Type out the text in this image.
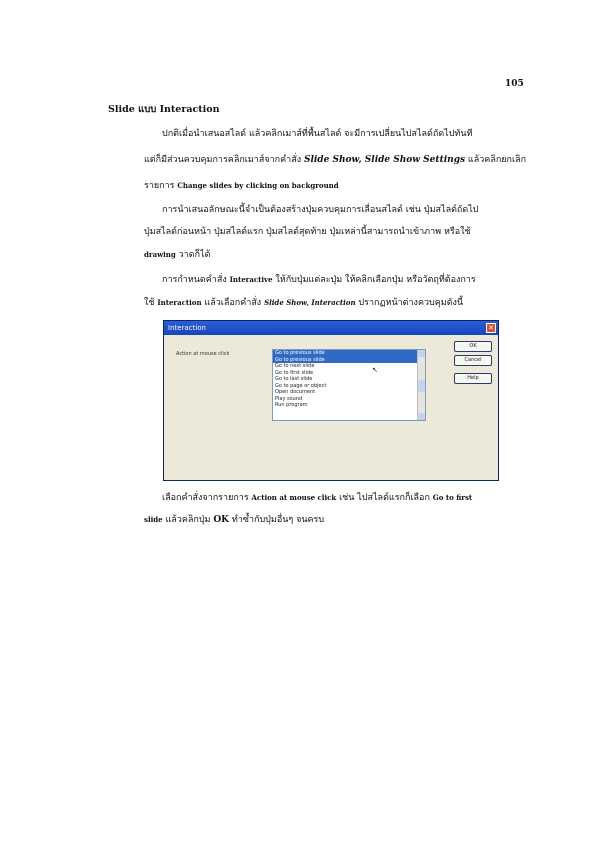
105
Slide แบบ Interaction
ปกติเมื่อนำเสนอสไลด์ แล้วคลิกเมาส์ที่พื้นสไลด์ จะมีการเปลี่ยนไปสไลด์ถัดไปทันที
แต่ก็มีส่วนควบคุมการคลิกเมาส์จากคำสั่ง Slide Show, Slide Show Settings แล้วคลิกยกเลิก
รายการ Change slides by clicking on background
การนำเสนอลักษณะนี้จำเป็นต้องสร้างปุ่มควบคุมการเลื่อนสไลด์ เช่น ปุ่มสไลด์ถัดไป
ปุ่มสไลด์ก่อนหน้า ปุ่มสไลด์แรก ปุ่มสไลด์สุดท้าย ปุ่มเหล่านี้สามารถนำเข้าภาพ หรือใช้
drawing วาดก็ได้
การกำหนดคำสั่ง Interactive ให้กับปุ่มแต่ละปุ่ม ให้คลิกเลือกปุ่ม หรือวัตถุที่ต้องการ
ใช้ Interaction แล้วเลือกคำสั่ง Slide Show, Interaction ปรากฏหน้าต่างควบคุมดังนี้
Interaction	✕
Action at mouse click	Go to previous slide
Go to previous slide
Go to next slide
Go to first slide
Go to last slide
Go to page or object
Open document
Play sound
Run program
↖
OK
Cancel
Help
เลือกคำสั่งจากรายการ Action at mouse click เช่น ไปสไลด์แรกก็เลือก Go to first
slide แล้วคลิกปุ่ม OK ทำซ้ำกับปุ่มอื่นๆ จนครบ
